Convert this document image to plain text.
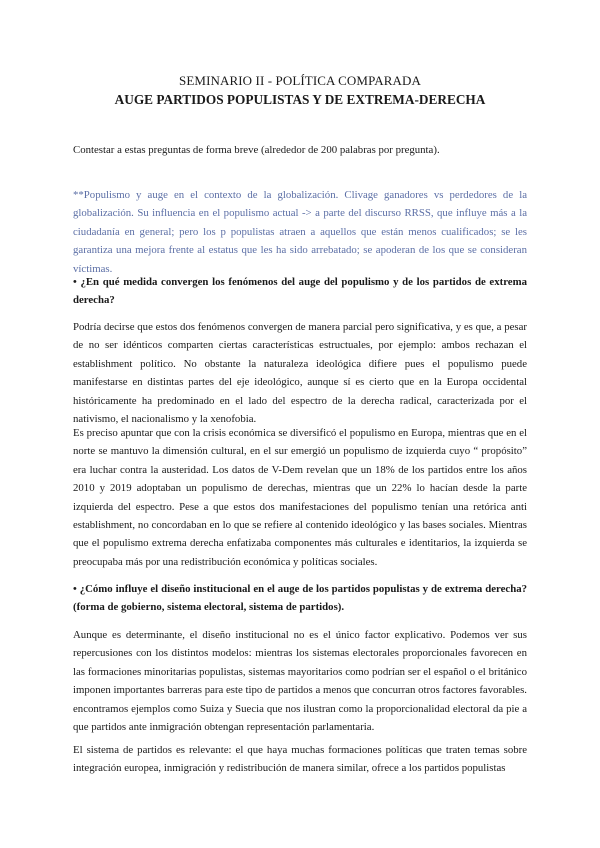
SEMINARIO II - POLÍTICA COMPARADA
AUGE PARTIDOS POPULISTAS Y DE EXTREMA-DERECHA

Contestar a estas preguntas de forma breve (alrededor de 200 palabras por pregunta).

**Populismo y auge en el contexto de la globalización. Clivage ganadores vs perdedores de la globalización. Su influencia en el populismo actual -> a parte del discurso RRSS, que influye más a la ciudadanía en general; pero los p populistas atraen a aquellos que están menos cualificados; se les garantiza una mejora frente al estatus que les ha sido arrebatado; se apoderan de los que se consideran víctimas.

• ¿En qué medida convergen los fenómenos del auge del populismo y de los partidos de extrema derecha?

Podría decirse que estos dos fenómenos convergen de manera parcial pero significativa, y es que, a pesar de no ser idénticos comparten ciertas características estructuales, por ejemplo: ambos rechazan el establishment político. No obstante la naturaleza ideológica difiere pues el populismo puede manifestarse en distintas partes del eje ideológico, aunque sí es cierto que en la Europa occidental históricamente ha predominado en el lado del espectro de la derecha radical, caracterizada por el nativismo, el nacionalismo y la xenofobia.

Es preciso apuntar que con la crisis económica se diversificó el populismo en Europa, mientras que en el norte se mantuvo la dimensión cultural, en el sur emergió un populismo de izquierda cuyo “ propósito” era luchar contra la austeridad. Los datos de V-Dem revelan que un 18% de los partidos entre los años 2010 y 2019 adoptaban un populismo de derechas, mientras que un 22% lo hacían desde la parte izquierda del espectro. Pese a que estos dos manifestaciones del populismo tenían una retórica anti establishment, no concordaban en lo que se refiere al contenido ideológico y las bases sociales. Mientras que el populismo extrema derecha enfatizaba componentes más culturales e identitarios, la izquierda se preocupaba más por una redistribución económica y políticas sociales.

• ¿Cómo influye el diseño institucional en el auge de los partidos populistas y de extrema derecha? (forma de gobierno, sistema electoral, sistema de partidos).

Aunque es determinante, el diseño institucional no es el único factor explicativo. Podemos ver sus repercusiones con los distintos modelos: mientras los sistemas electorales proporcionales favorecen en las formaciones minoritarias populistas, sistemas mayoritarios como podrían ser el español o el británico imponen importantes barreras para este tipo de partidos a menos que concurran otros factores favorables. encontramos ejemplos como Suiza y Suecia que nos ilustran como la proporcionalidad electoral da pie a que partidos ante inmigración obtengan representación parlamentaria.

El sistema de partidos es relevante: el que haya muchas formaciones políticas que traten temas sobre integración europea, inmigración y redistribución de manera similar, ofrece a los partidos populistas
